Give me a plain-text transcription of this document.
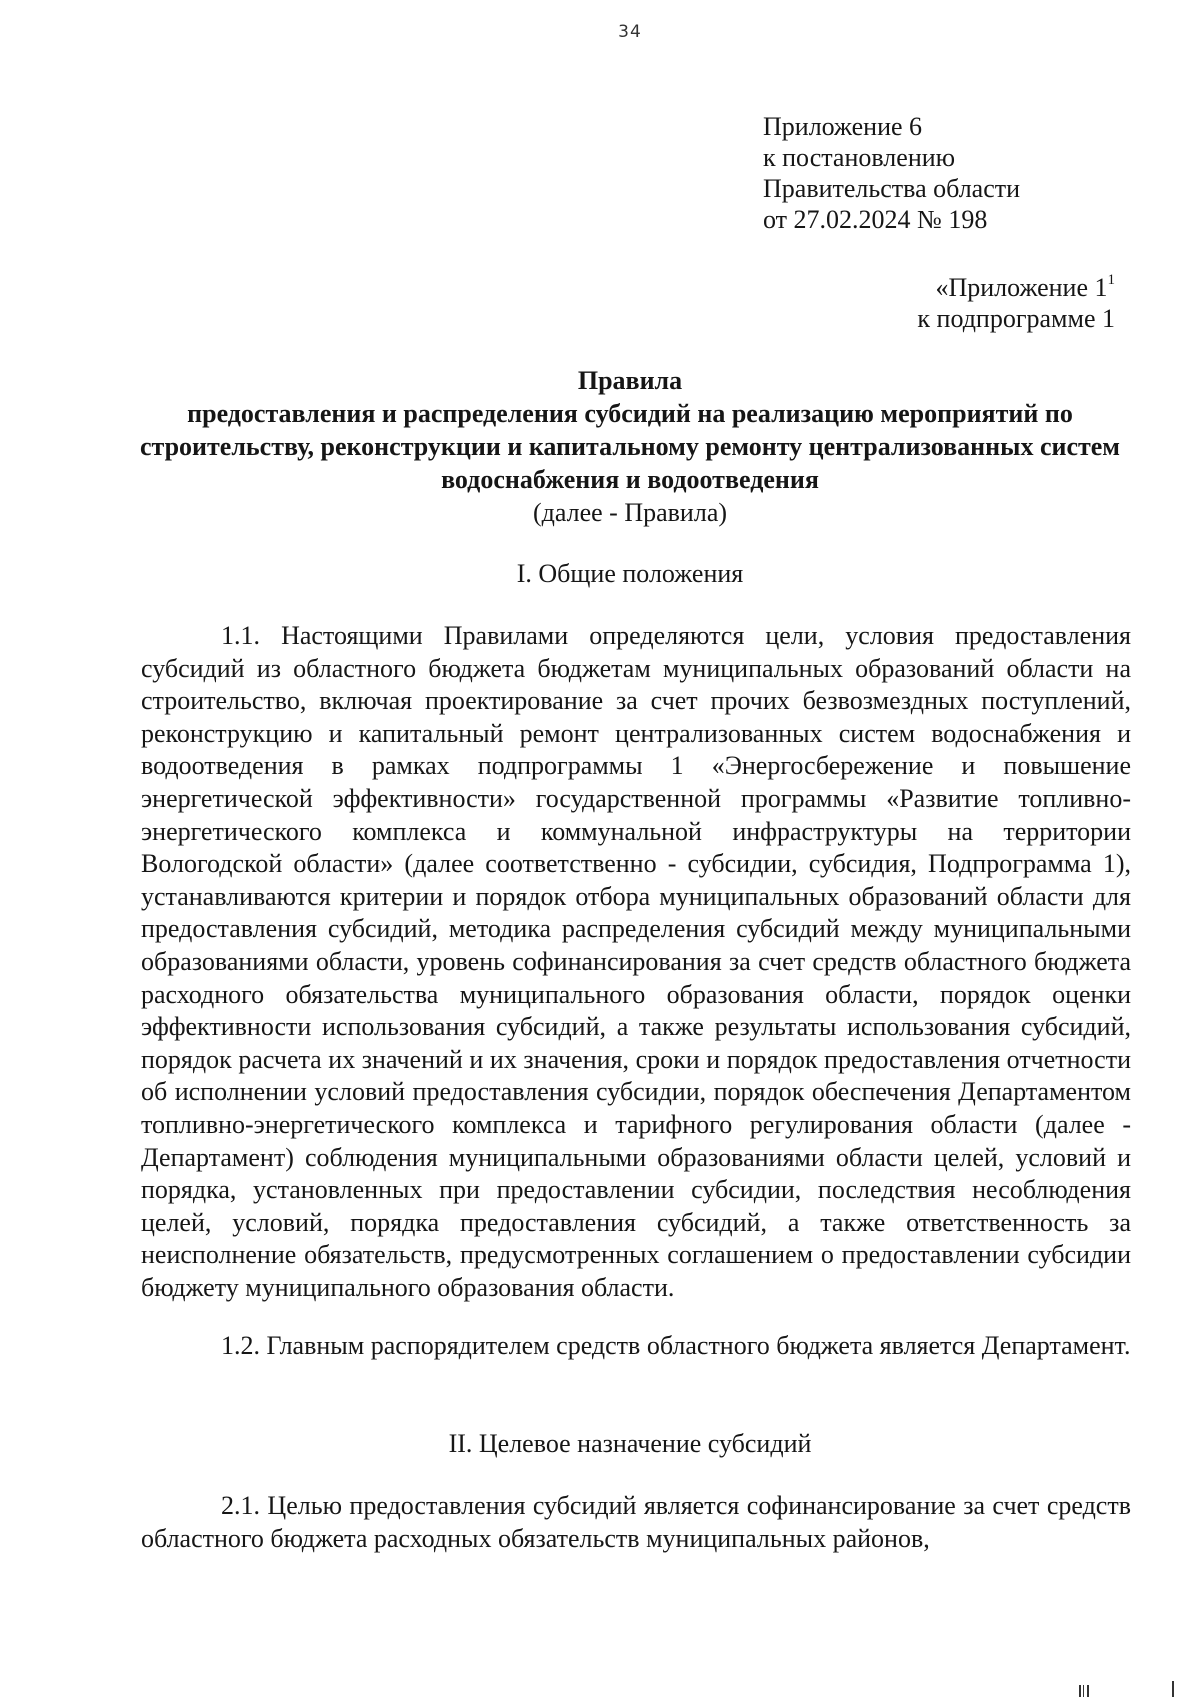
34
Приложение 6
к постановлению
Правительства области
от 27.02.2024 № 198
«Приложение $1^1$
к подпрограмме 1
Правила
предоставления и распределения субсидий на реализацию мероприятий по строительству, реконструкции и капитальному ремонту централизованных систем водоснабжения и водоотведения
(далее - Правила)
I. Общие положения

1.1. Настоящими Правилами определяются цели, условия предоставления субсидий из областного бюджета бюджетам муниципальных образований области на строительство, включая проектирование за счет прочих безвозмездных поступлений, реконструкцию и капитальный ремонт централизованных систем водоснабжения и водоотведения в рамках подпрограммы 1 «Энергосбережение и повышение энергетической эффективности» государственной программы «Развитие топливно-энергетического комплекса и коммунальной инфраструктуры на территории Вологодской области» (далее соответственно - субсидии, субсидия, Подпрограмма 1), устанавливаются критерии и порядок отбора муниципальных образований области для предоставления субсидий, методика распределения субсидий между муниципальными образованиями области, уровень софинансирования за счет средств областного бюджета расходного обязательства муниципального образования области, порядок оценки эффективности использования субсидий, а также результаты использования субсидий, порядок расчета их значений и их значения, сроки и порядок предоставления отчетности об исполнении условий предоставления субсидии, порядок обеспечения Департаментом топливно-энергетического комплекса и тарифного регулирования области (далее - Департамент) соблюдения муниципальными образованиями области целей, условий и порядка, установленных при предоставлении субсидии, последствия несоблюдения целей, условий, порядка предоставления субсидий, а также ответственность за неисполнение обязательств, предусмотренных соглашением о предоставлении субсидии бюджету муниципального образования области.

1.2. Главным распорядителем средств областного бюджета является Департамент.

II. Целевое назначение субсидий

2.1. Целью предоставления субсидий является софинансирование за счет средств областного бюджета расходных обязательств муниципальных районов,
